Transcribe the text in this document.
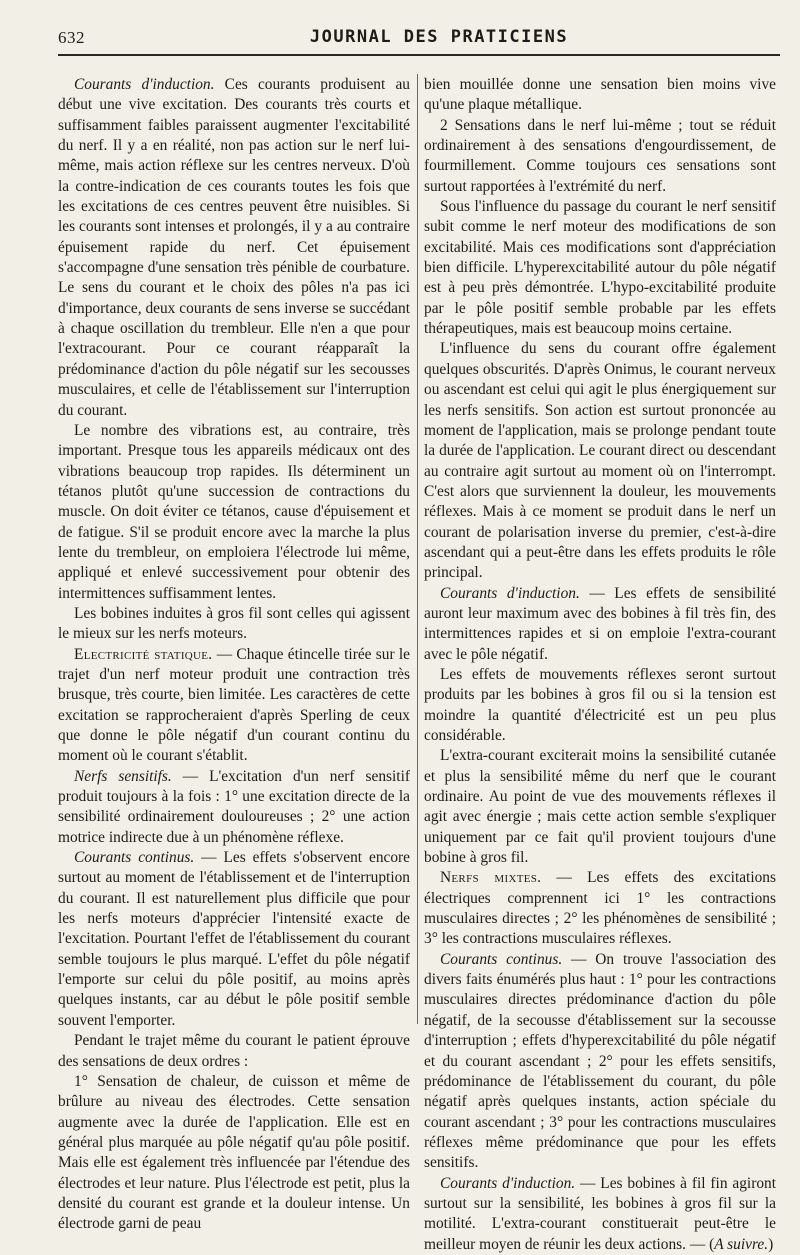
632	JOURNAL DES PRATICIENS

Courants d'induction. Ces courants produisent au début une vive excitation. Des courants très courts et suffisamment faibles paraissent augmenter l'excitabilité du nerf. Il y a en réalité, non pas action sur le nerf lui-même, mais action réflexe sur les centres nerveux. D'où la contre-indication de ces courants toutes les fois que les excitations de ces centres peuvent être nuisibles. Si les courants sont intenses et prolongés, il y a au contraire épuisement rapide du nerf. Cet épuisement s'accompagne d'une sensation très pénible de courbature. Le sens du courant et le choix des pôles n'a pas ici d'importance, deux courants de sens inverse se succédant à chaque oscillation du trembleur. Elle n'en a que pour l'extracourant. Pour ce courant réapparaît la prédominance d'action du pôle négatif sur les secousses musculaires, et celle de l'établissement sur l'interruption du courant.

Le nombre des vibrations est, au contraire, très important. Presque tous les appareils médicaux ont des vibrations beaucoup trop rapides. Ils déterminent un tétanos plutôt qu'une succession de contractions du muscle. On doit éviter ce tétanos, cause d'épuisement et de fatigue. S'il se produit encore avec la marche la plus lente du trembleur, on emploiera l'électrode lui même, appliqué et enlevé successivement pour obtenir des intermittences suffisamment lentes.

Les bobines induites à gros fil sont celles qui agissent le mieux sur les nerfs moteurs.

Electricité statique. — Chaque étincelle tirée sur le trajet d'un nerf moteur produit une contraction très brusque, très courte, bien limitée. Les caractères de cette excitation se rapprocheraient d'après Sperling de ceux que donne le pôle négatif d'un courant continu du moment où le courant s'établit.

Nerfs sensitifs. — L'excitation d'un nerf sensitif produit toujours à la fois : 1° une excitation directe de la sensibilité ordinairement douloureuses ; 2° une action motrice indirecte due à un phénomène réflexe.

Courants continus. — Les effets s'observent encore surtout au moment de l'établissement et de l'interruption du courant. Il est naturellement plus difficile que pour les nerfs moteurs d'apprécier l'intensité exacte de l'excitation. Pourtant l'effet de l'établissement du courant semble toujours le plus marqué. L'effet du pôle négatif l'emporte sur celui du pôle positif, au moins après quelques instants, car au début le pôle positif semble souvent l'emporter.

Pendant le trajet même du courant le patient éprouve des sensations de deux ordres :

1° Sensation de chaleur, de cuisson et même de brûlure au niveau des électrodes. Cette sensation augmente avec la durée de l'application. Elle est en général plus marquée au pôle négatif qu'au pôle positif. Mais elle est également très influencée par l'étendue des électrodes et leur nature. Plus l'électrode est petit, plus la densité du courant est grande et la douleur intense. Un électrode garni de peau

bien mouillée donne une sensation bien moins vive qu'une plaque métallique.

2 Sensations dans le nerf lui-même ; tout se réduit ordinairement à des sensations d'engourdissement, de fourmillement. Comme toujours ces sensations sont surtout rapportées à l'extrémité du nerf.

Sous l'influence du passage du courant le nerf sensitif subit comme le nerf moteur des modifications de son excitabilité. Mais ces modifications sont d'appréciation bien difficile. L'hyperexcitabilité autour du pôle négatif est à peu près démontrée. L'hypo-excitabilité produite par le pôle positif semble probable par les effets thérapeutiques, mais est beaucoup moins certaine.

L'influence du sens du courant offre également quelques obscurités. D'après Onimus, le courant nerveux ou ascendant est celui qui agit le plus énergiquement sur les nerfs sensitifs. Son action est surtout prononcée au moment de l'application, mais se prolonge pendant toute la durée de l'application. Le courant direct ou descendant au contraire agit surtout au moment où on l'interrompt. C'est alors que surviennent la douleur, les mouvements réflexes. Mais à ce moment se produit dans le nerf un courant de polarisation inverse du premier, c'est-à-dire ascendant qui a peut-être dans les effets produits le rôle principal.

Courants d'induction. — Les effets de sensibilité auront leur maximum avec des bobines à fil très fin, des intermittences rapides et si on emploie l'extra-courant avec le pôle négatif.

Les effets de mouvements réflexes seront surtout produits par les bobines à gros fil ou si la tension est moindre la quantité d'électricité est un peu plus considérable.

L'extra-courant exciterait moins la sensibilité cutanée et plus la sensibilité même du nerf que le courant ordinaire. Au point de vue des mouvements réflexes il agit avec énergie ; mais cette action semble s'expliquer uniquement par ce fait qu'il provient toujours d'une bobine à gros fil.

Nerfs mixtes. — Les effets des excitations électriques comprennent ici 1° les contractions musculaires directes ; 2° les phénomènes de sensibilité ; 3° les contractions musculaires réflexes.

Courants continus. — On trouve l'association des divers faits énumérés plus haut : 1° pour les contractions musculaires directes prédominance d'action du pôle négatif, de la secousse d'établissement sur la secousse d'interruption ; effets d'hyperexcitabilité du pôle négatif et du courant ascendant ; 2° pour les effets sensitifs, prédominance de l'établissement du courant, du pôle négatif après quelques instants, action spéciale du courant ascendant ; 3° pour les contractions musculaires réflexes même prédominance que pour les effets sensitifs.

Courants d'induction. — Les bobines à fil fin agiront surtout sur la sensibilité, les bobines à gros fil sur la motilité. L'extra-courant constituerait peut-être le meilleur moyen de réunir les deux actions. — (A suivre.)
